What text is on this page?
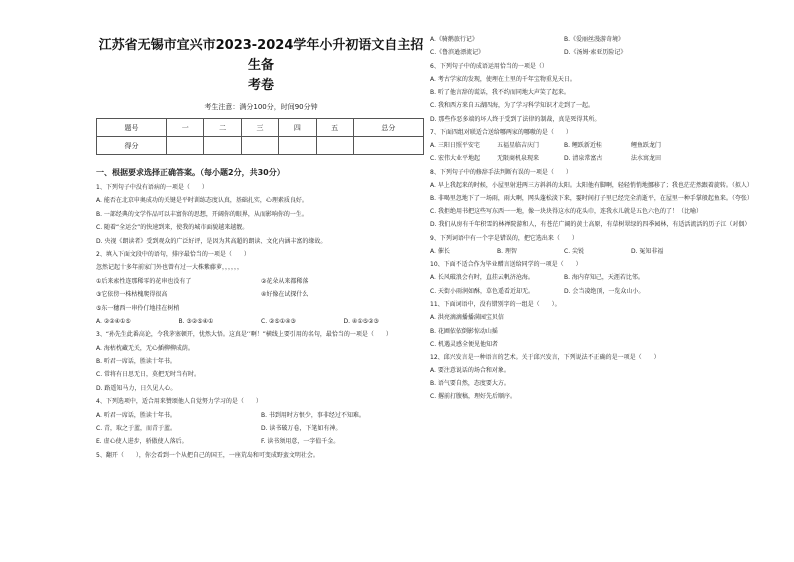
江苏省无锡市宜兴市2023-2024学年小升初语文自主招生备

考卷

考生注意：满分100分，时间90分钟

题号	一	二	三	四	五	总分
得分						

一、根据要求选择正确答案。（每小题2分，共30分）

1、下列句子中没有语病的一项是（　　）

A. 能否在北京申奥成功的关键是平时训练态度认真，基础扎实，心理素质良好。

B. 一部经典的文学作品可以丰富你的思想，开阔你的眼界，从而影响你的一生。

C. 随着“全运会”的快速到来，使我的城市面貌越来越靓。

D. 央视《朗读者》受到观众的广泛好评，是因为其高超的朗读、文化内涵丰富的缘故。

2、填入下面文段中的语句，排序最恰当的一项是（　　）

忽然记起十多年前家门外也曾有过一大株紫藤萝，，，，，，

①后来索性连那稀零的花串也没有了	②花朵从来都稀落
③它依傍一株枯槐爬得很高	④好像在试探什么

⑤东一穗西一串伶仃地挂在树梢

A. ②②④①⑤	B. ③②⑤④①	C. ②⑤①④③	D. ④①⑤②③

3、“孙先生此番高论，令我茅塞顿开，忧然大悟。这真是‘’啊！”横线上要引用的名句，最恰当的一项是（　　）

A. 海枯枕藏无关，无心插柳柳成荫。

B. 听君一席话，胜读十年书。

C. 常将有日思无日，莫把无时当有时。

D. 路遥知马力，日久见人心。

4、下列选项中，适合用来赞颂他人自觉努力学习的是（　　）

A. 听君一席话，胜读十年书。	B. 书到用时方恨少，事非经过不知难。
C. 青，取之于蓝，而青于蓝。	D. 读书破万卷，下笔如有神。
E. 虚心使人进步，骄傲使人落后。	F. 读书须用意，一字值千金。

5、翻开（　　），你会看到一个从把自己的国王，一座荒岛和可变成野蛮文明社会。

A.《骑鹅旅行记》	B.《爱丽丝漫游奇境》
C.《鲁滨逊漂流记》	D.《汤姆·索亚历险记》

6、下列句子中的成语运用恰当的一项是（）

A. 考古学家的发现，使埋在土里的千年宝物重见天日。

B. 听了他言辞的谎话，我不约而同地大声笑了起来。

C. 我和西方来自五湖四海，为了学习科学知识才走到了一起。

D. 那些作恶多端的坏人终于受到了法律的制裁，真是死得其所。

7、下面四组对联适合送给哪两家的哪嗷的是（　　）

A. 三阳日照平安宅	五福星临吉庆门	B. 鲤跃新近桂	鲤鱼跃龙门
C. 宏伟大业平地起	无限商机泉现来	D. 清泉常富古	法水寓龙田

8、下列句子中的修辞手法判断有误的一项是（　　）

A. 早上我起来的时候，小屋里射进两三方斜斜的太阳。太阳他有脚啊，轻轻悄悄地挪移了；我也茫茫然跟着旋转。（拟人）

B. 非喝里忽地下了一场雨，雨大啊，网头蓬松淡下来，霎时间打子里已经完全消逝平，在屋里一种手掌般起鱼来。（夸张）

C. 我拒绝用书把这些写东西一一地，像一块块得这水的花头巾，连我水儿就是五色六色的了！（比喻）

D. 我们从房有千年积雪的林禅院游和人，有苍茫广阔的黄土高原，有草树翠绿的四季园林，有适活流活的历子江（对偶）

9、下列词语中有一个字是错误的，把它选出来（　　）

A. 催长	B. 理智	C. 尖锐	D. 冤知非福

10、下面不适合作为毕业赠言送给同学的一项是（　　）

A. 长风破浪会有时，直挂云帆济沧海。	B. 海内存知己，天涯若比邻。
C. 天街小雨润如酥，草色遥看近却无。	D. 会当凌绝顶，一览众山小。

11、下面词语中，没有错别字的一组是（　　）。

A. 洪亮滴滴播播满园宝贝信

B. 花圃依依倒影惊动山摇

C. 机遇灵感全便见他知者

12、邱兴发言是一种语言的艺术。关于邱兴发言，下列说法不正确的是一项是（　　）

A. 要注意说话的场合和对象。

B. 语气要自然，态度要大方。

C. 撂前打腹稿，理好先后顺序。
